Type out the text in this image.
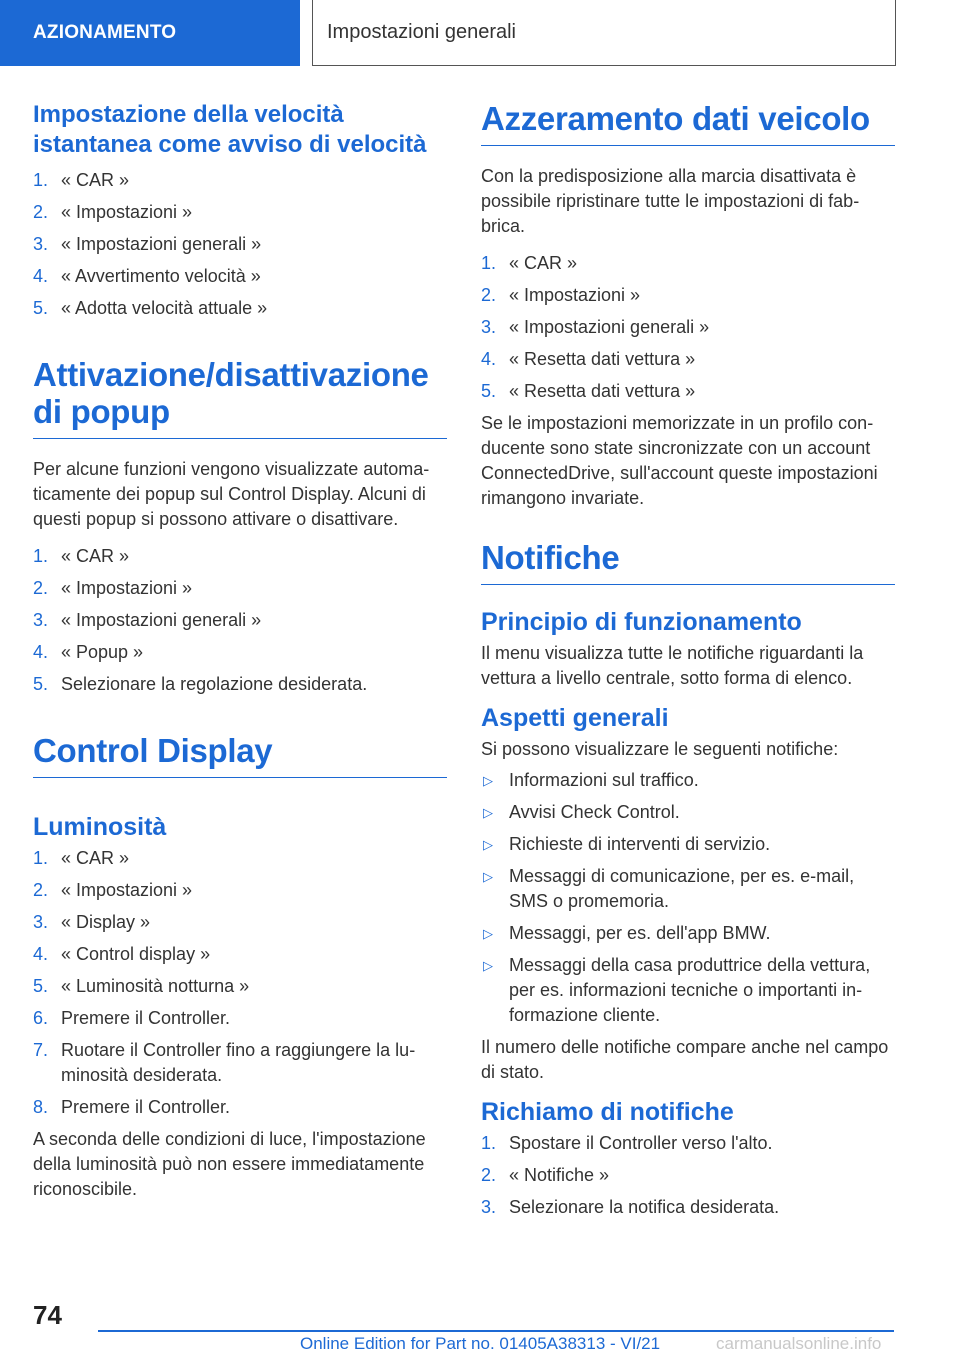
AZIONAMENTO	Impostazioni generali
Impostazione della velocità istantanea come avviso di velocità
1. « CAR »
2. « Impostazioni »
3. « Impostazioni generali »
4. « Avvertimento velocità »
5. « Adotta velocità attuale »
Attivazione/disattivazione di popup

Per alcune funzioni vengono visualizzate automaticamente dei popup sul Control Display. Alcuni di questi popup si possono attivare o disattivare.

1. « CAR »
2. « Impostazioni »
3. « Impostazioni generali »
4. « Popup »
5. Selezionare la regolazione desiderata.
Control Display
Luminosità
1. « CAR »
2. « Impostazioni »
3. « Display »
4. « Control display »
5. « Luminosità notturna »
6. Premere il Controller.
7. Ruotare il Controller fino a raggiungere la luminosità desiderata.
8. Premere il Controller.

A seconda delle condizioni di luce, l'impostazione della luminosità può non essere immediatamente riconoscibile.

Azzeramento dati veicolo

Con la predisposizione alla marcia disattivata è possibile ripristinare tutte le impostazioni di fabbrica.

1. « CAR »
2. « Impostazioni »
3. « Impostazioni generali »
4. « Resetta dati vettura »
5. « Resetta dati vettura »

Se le impostazioni memorizzate in un profilo conducente sono state sincronizzate con un account ConnectedDrive, sull'account queste impostazioni rimangono invariate.

Notifiche
Principio di funzionamento

Il menu visualizza tutte le notifiche riguardanti la vettura a livello centrale, sotto forma di elenco.

Aspetti generali

Si possono visualizzare le seguenti notifiche:

▷ Informazioni sul traffico.
▷ Avvisi Check Control.
▷ Richieste di interventi di servizio.
▷ Messaggi di comunicazione, per es. e-mail, SMS o promemoria.
▷ Messaggi, per es. dell'app BMW.
▷ Messaggi della casa produttrice della vettura, per es. informazioni tecniche o importanti informazione cliente.

Il numero delle notifiche compare anche nel campo di stato.

Richiamo di notifiche
1. Spostare il Controller verso l'alto.
2. « Notifiche »
3. Selezionare la notifica desiderata.
74
Online Edition for Part no. 01405A38313 - VI/21	carmanualsonline.info
